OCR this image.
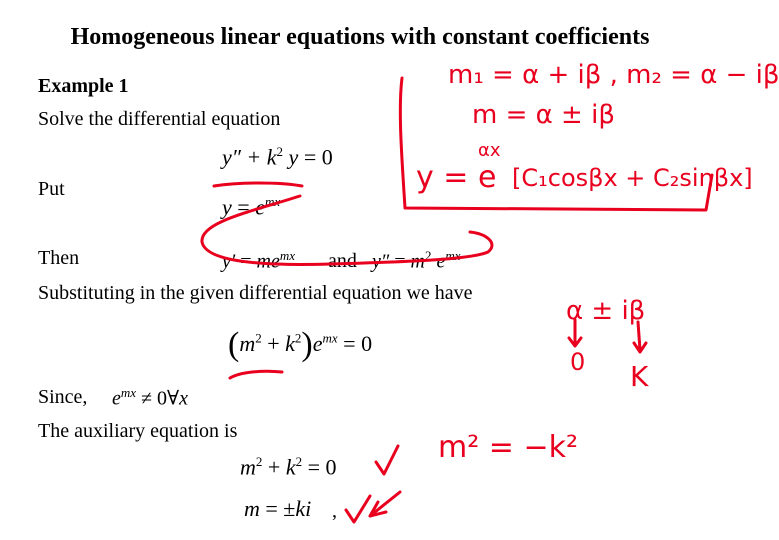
Homogeneous linear equations with constant coefficients
Example 1
Solve the differential equation
$y'' + k^2$ y = 0
Put
$y = e^{mx}$
Then	$y' = me^{mx}$ and $y'' = m^2$ $e^{mx}$
Substituting in the given differential equation we have
$(m^2 + k^2)e^{mx} = 0$
Since, $e^{mx}$ ≠ 0∀x
The auxiliary equation is
$m^2 + k^2 = 0$
m = ±ki ,
m₁ = α + iβ , m₂ = α − iβ
m = α ± iβ
y = e
αx
[C₁cosβx + C₂sinβx]
α ± iβ
0 K
m² = −k²
